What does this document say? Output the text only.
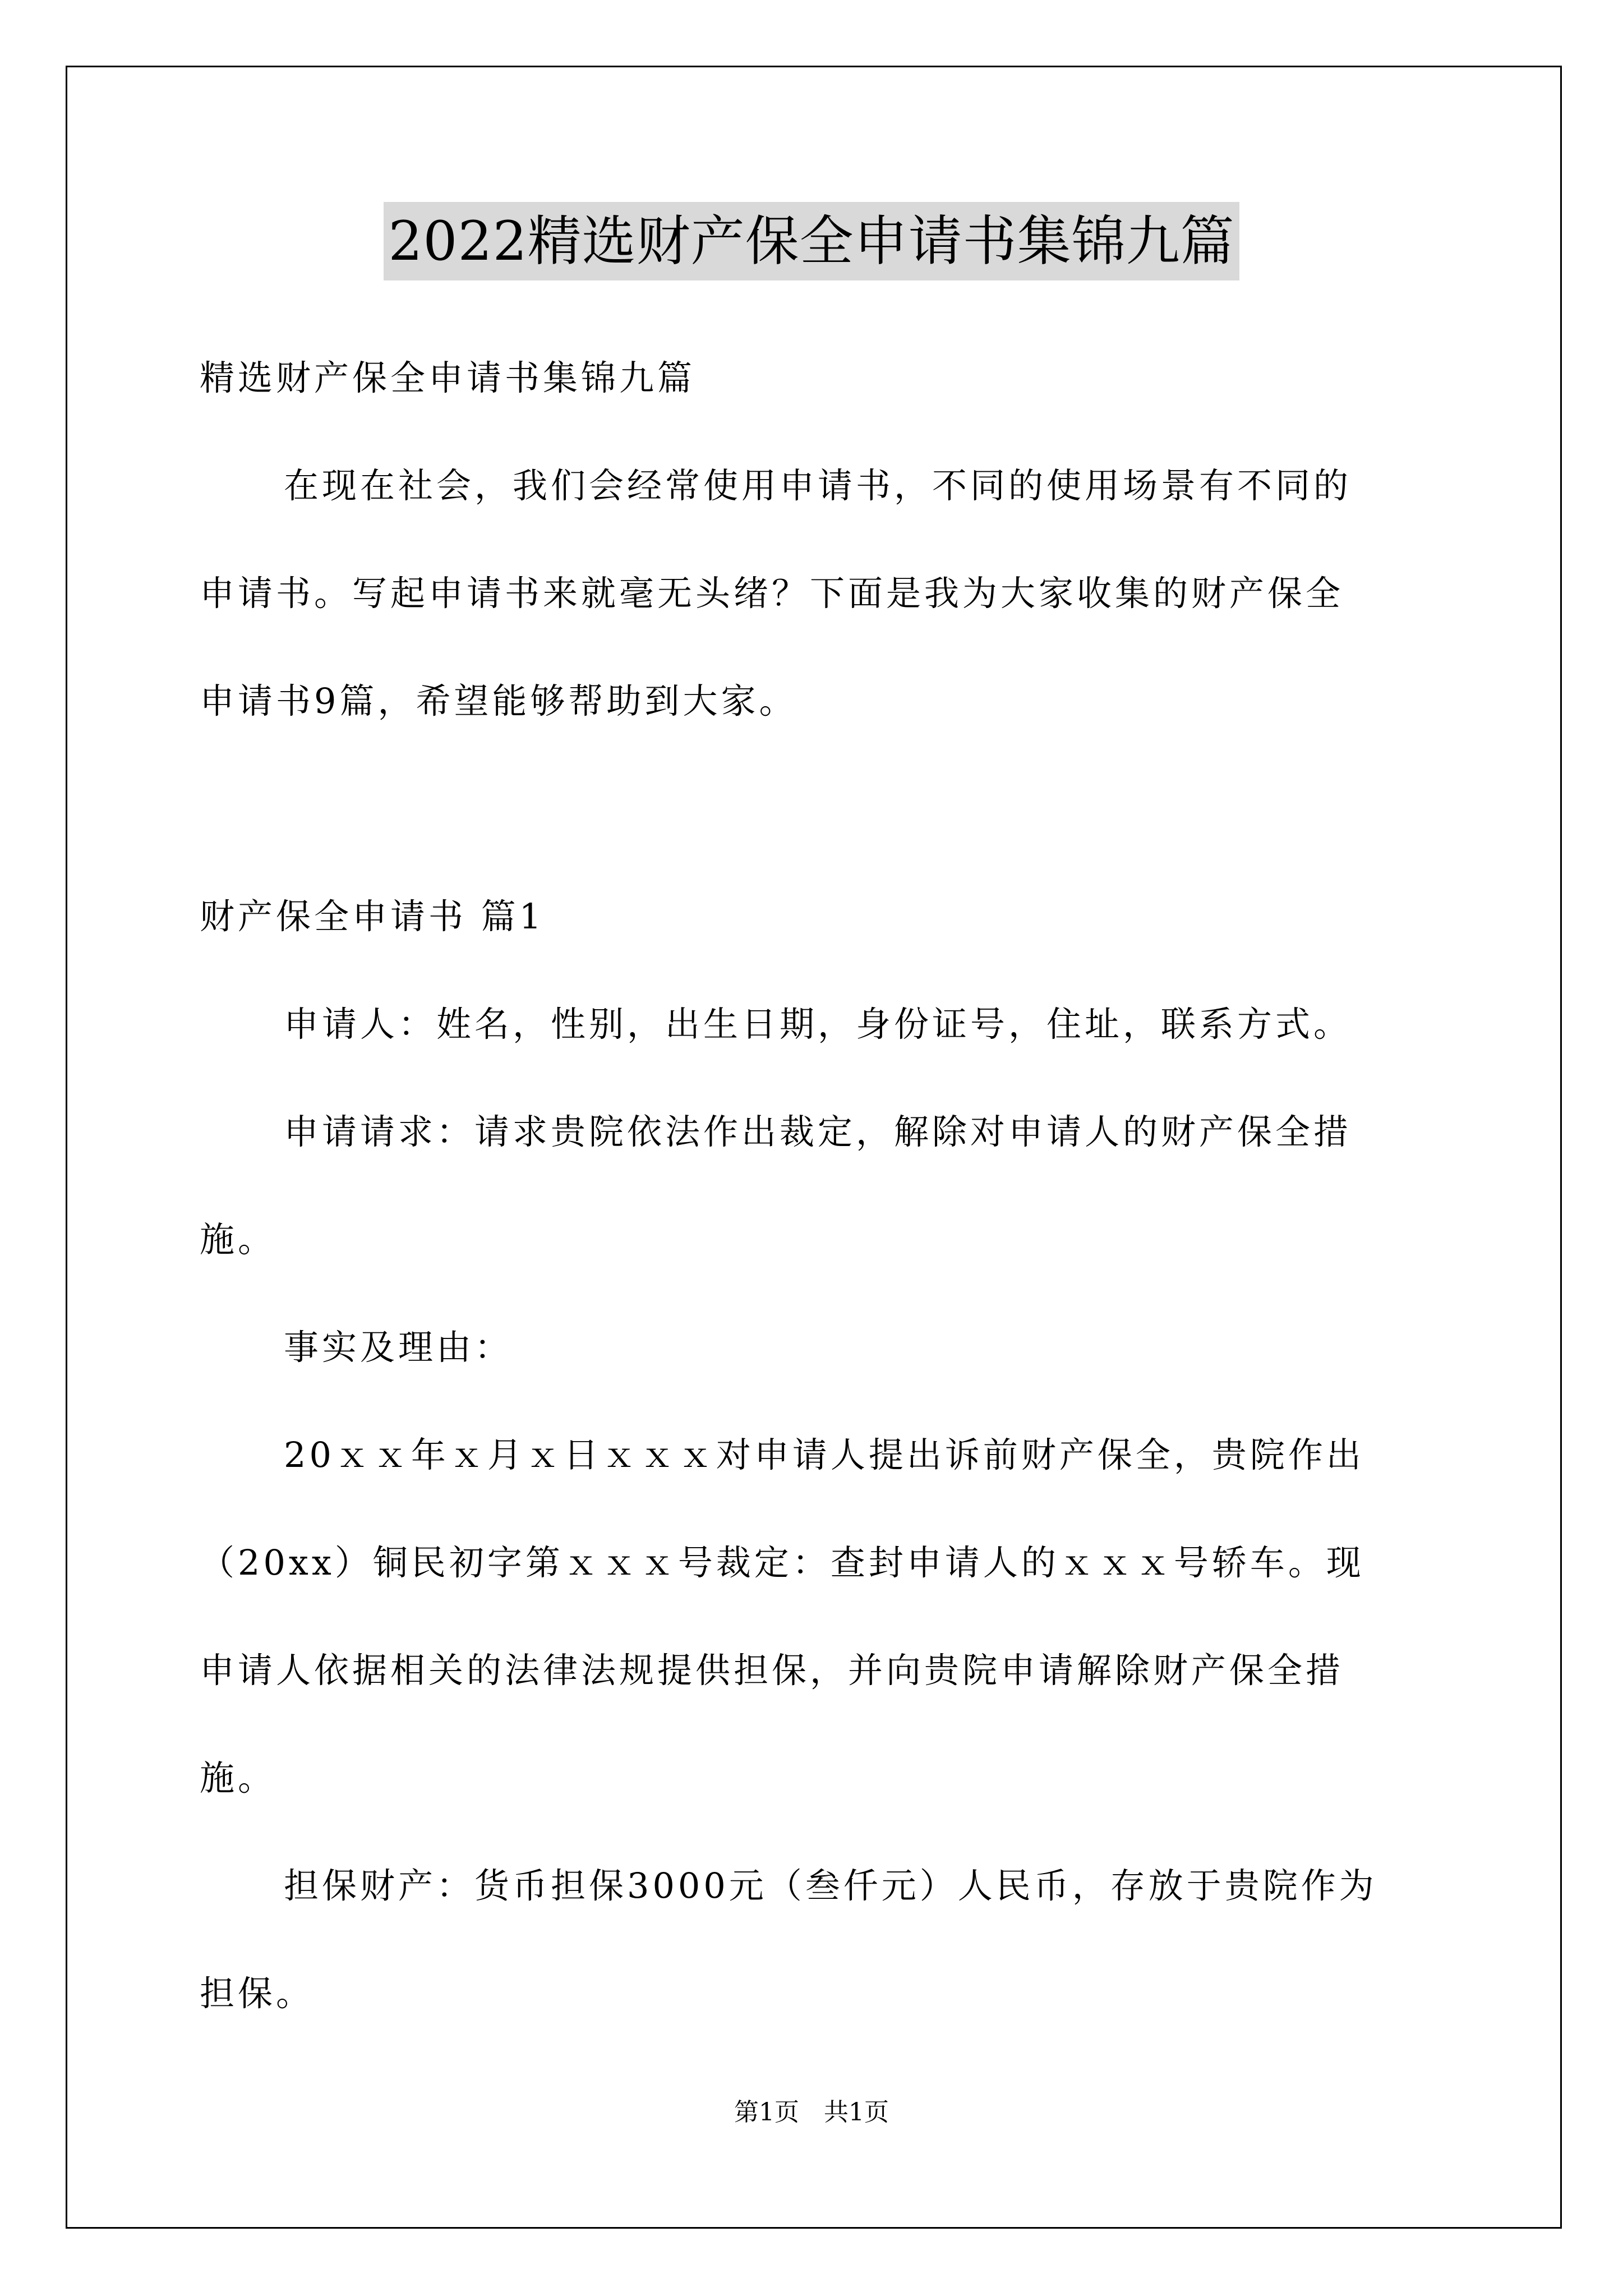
2022精选财产保全申请书集锦九篇
精选财产保全申请书集锦九篇
在现在社会，我们会经常使用申请书，不同的使用场景有不同的
申请书。写起申请书来就毫无头绪？下面是我为大家收集的财产保全
申请书9篇，希望能够帮助到大家。
财产保全申请书 篇1
申请人：姓名，性别，出生日期，身份证号，住址，联系方式。
申请请求：请求贵院依法作出裁定，解除对申请人的财产保全措
施。
事实及理由：
20ｘｘ年ｘ月ｘ日ｘｘｘ对申请人提出诉前财产保全，贵院作出
（20xx）铜民初字第ｘｘｘ号裁定：查封申请人的ｘｘｘ号轿车。现
申请人依据相关的法律法规提供担保，并向贵院申请解除财产保全措
施。
担保财产：货币担保3000元（叁仟元）人民币，存放于贵院作为
担保。
第1页　共1页
